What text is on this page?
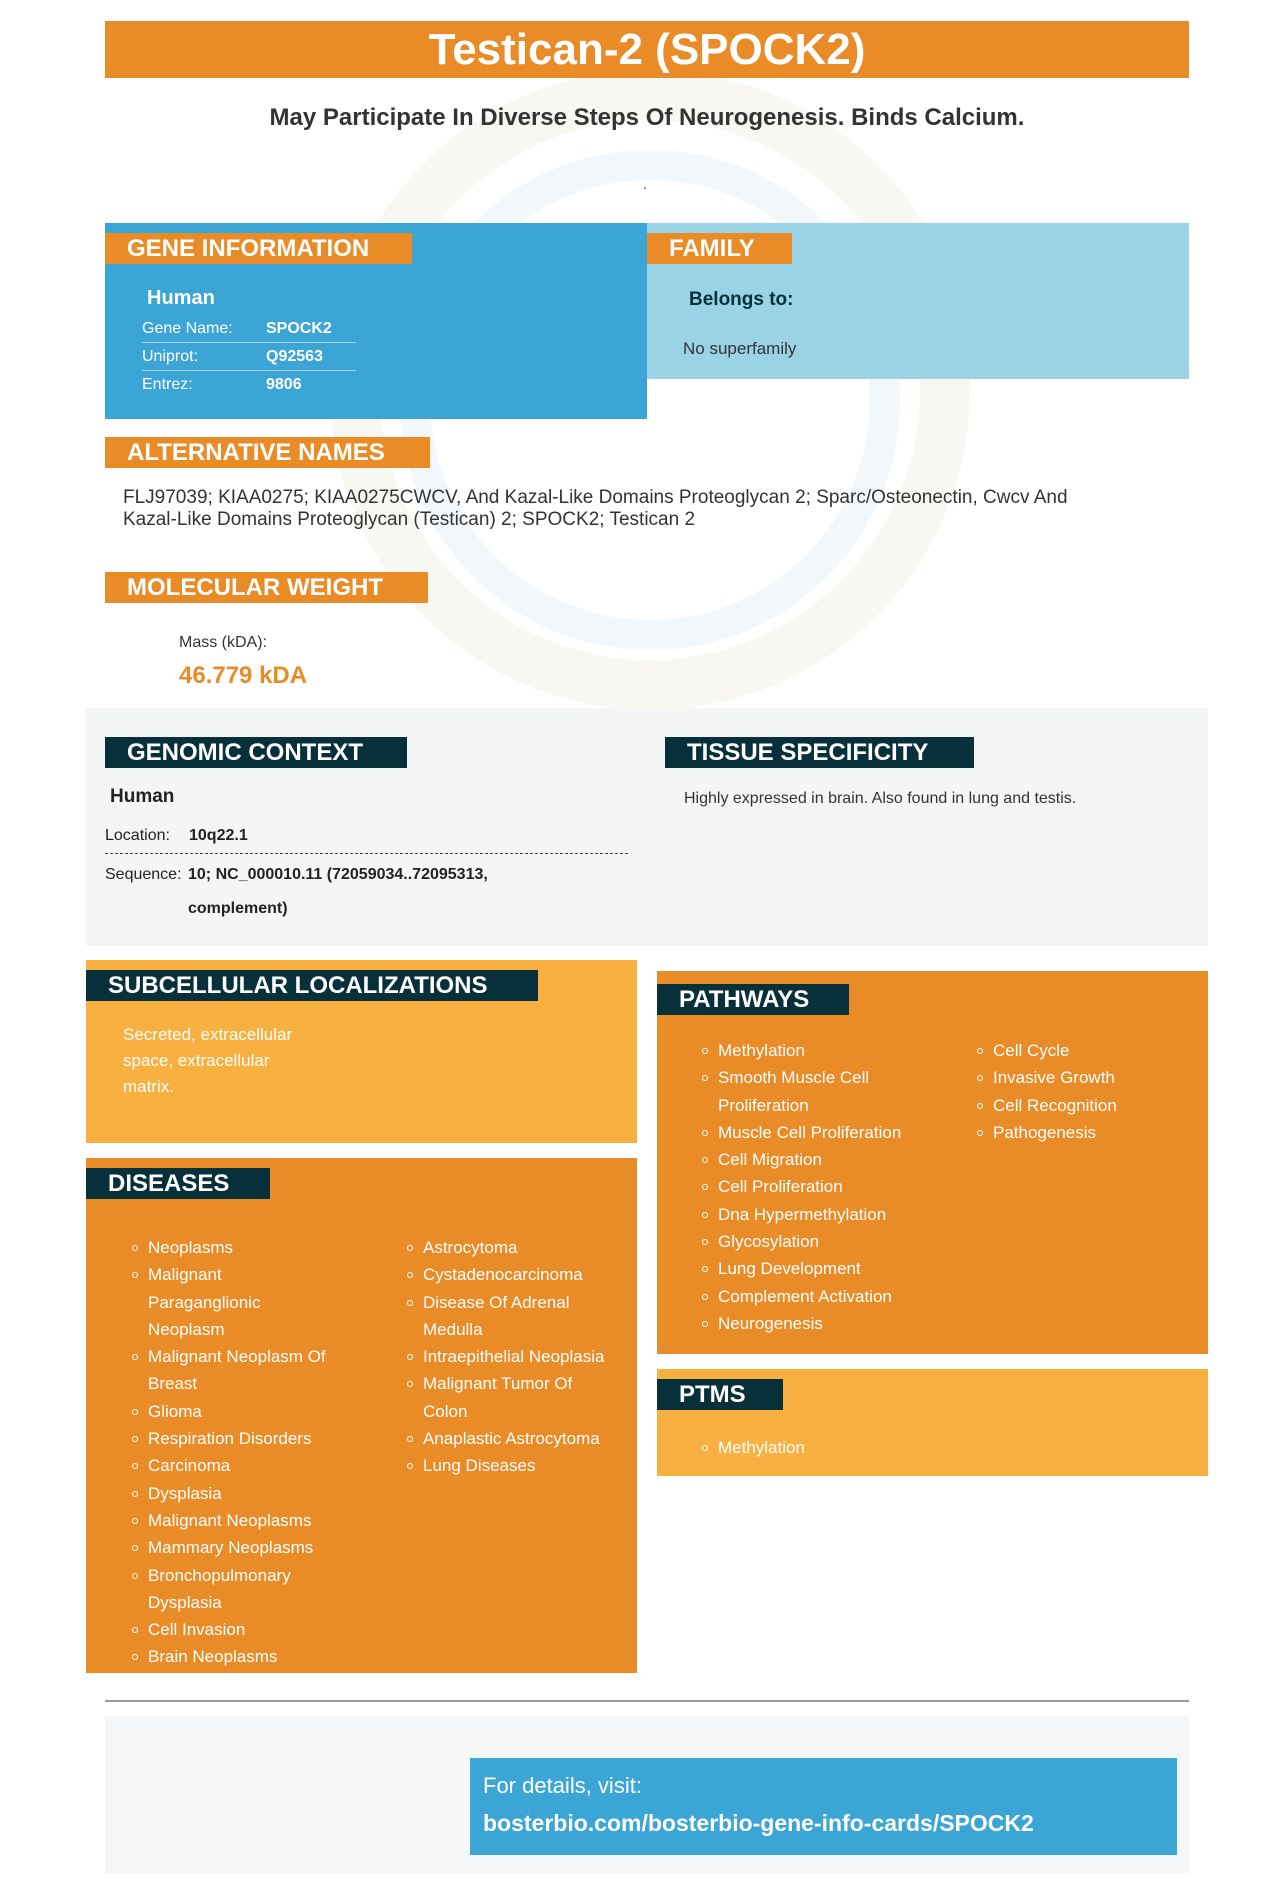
Testican-2 (SPOCK2)
May Participate In Diverse Steps Of Neurogenesis. Binds Calcium.
.
GENE INFORMATION
Human
Gene Name:	SPOCK2
Uniprot:	Q92563
Entrez:	9806
FAMILY
Belongs to:
No superfamily
ALTERNATIVE NAMES
FLJ97039; KIAA0275; KIAA0275CWCV, And Kazal-Like Domains Proteoglycan 2; Sparc/Osteonectin, Cwcv And Kazal-Like Domains Proteoglycan (Testican) 2; SPOCK2; Testican 2
MOLECULAR WEIGHT
Mass (kDA):
46.779 kDA
GENOMIC CONTEXT
Human
Location: 10q22.1
Sequence: 10; NC_000010.11 (72059034..72095313,
complement)
TISSUE SPECIFICITY
Highly expressed in brain. Also found in lung and testis.
SUBCELLULAR LOCALIZATIONS
Secreted, extracellular
space, extracellular
matrix.
DISEASES
Neoplasms
Malignant
Paraganglionic
Neoplasm
Malignant Neoplasm Of
Breast
Glioma
Respiration Disorders
Carcinoma
Dysplasia
Malignant Neoplasms
Mammary Neoplasms
Bronchopulmonary
Dysplasia
Cell Invasion
Brain Neoplasms
Astrocytoma
Cystadenocarcinoma
Disease Of Adrenal
Medulla
Intraepithelial Neoplasia
Malignant Tumor Of
Colon
Anaplastic Astrocytoma
Lung Diseases
PATHWAYS
Methylation
Smooth Muscle Cell
Proliferation
Muscle Cell Proliferation
Cell Migration
Cell Proliferation
Dna Hypermethylation
Glycosylation
Lung Development
Complement Activation
Neurogenesis
Cell Cycle
Invasive Growth
Cell Recognition
Pathogenesis
PTMS
Methylation
For details, visit:
bosterbio.com/bosterbio-gene-info-cards/SPOCK2
